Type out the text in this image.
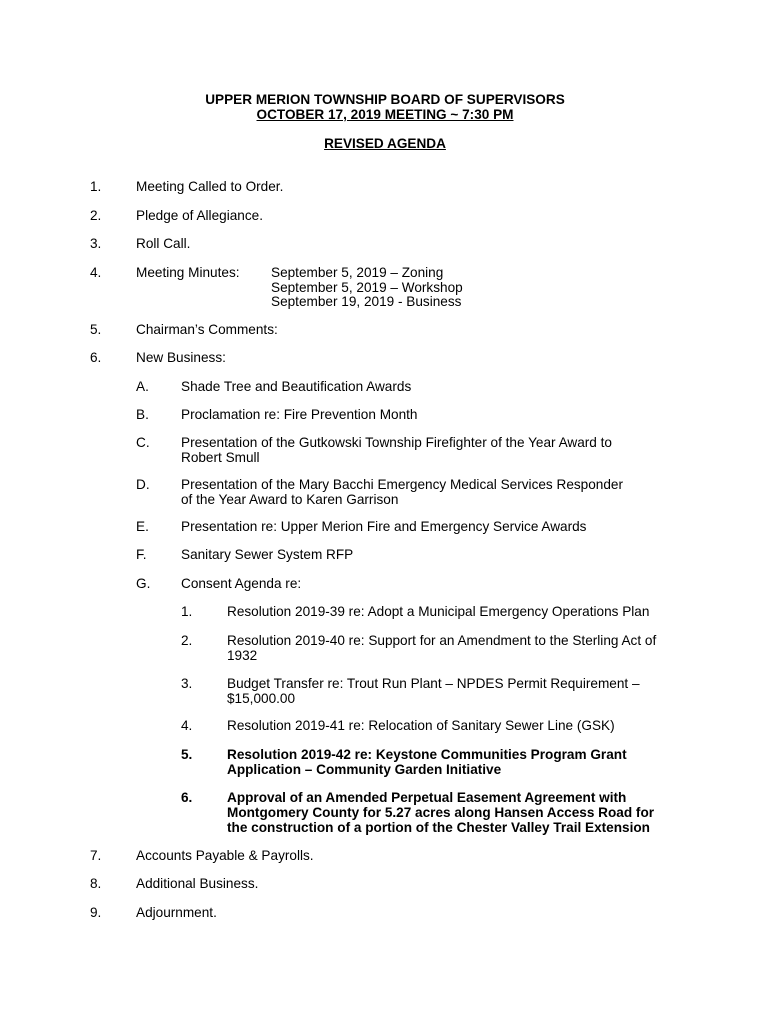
UPPER MERION TOWNSHIP BOARD OF SUPERVISORS
OCTOBER 17, 2019 MEETING ~ 7:30 PM
REVISED AGENDA
1.	Meeting Called to Order.
2.	Pledge of Allegiance.
3.	Roll Call.
4.	Meeting Minutes: September 5, 2019 – Zoning
September 5, 2019 – Workshop
September 19, 2019 - Business
5.	Chairman’s Comments:
6.	New Business:
A. Shade Tree and Beautification Awards
B. Proclamation re: Fire Prevention Month
C. Presentation of the Gutkowski Township Firefighter of the Year Award to Robert Smull
D. Presentation of the Mary Bacchi Emergency Medical Services Responder of the Year Award to Karen Garrison
E. Presentation re: Upper Merion Fire and Emergency Service Awards
F.	Sanitary Sewer System RFP
G. Consent Agenda re:
1.	Resolution 2019-39 re: Adopt a Municipal Emergency Operations Plan
2.	Resolution 2019-40 re: Support for an Amendment to the Sterling Act of 1932
3.	Budget Transfer re: Trout Run Plant – NPDES Permit Requirement – $15,000.00
4.	Resolution 2019-41 re: Relocation of Sanitary Sewer Line (GSK)
5.	Resolution 2019-42 re: Keystone Communities Program Grant Application – Community Garden Initiative
6.	Approval of an Amended Perpetual Easement Agreement with Montgomery County for 5.27 acres along Hansen Access Road for the construction of a portion of the Chester Valley Trail Extension
7.	Accounts Payable & Payrolls.
8.	Additional Business.
9.	Adjournment.
